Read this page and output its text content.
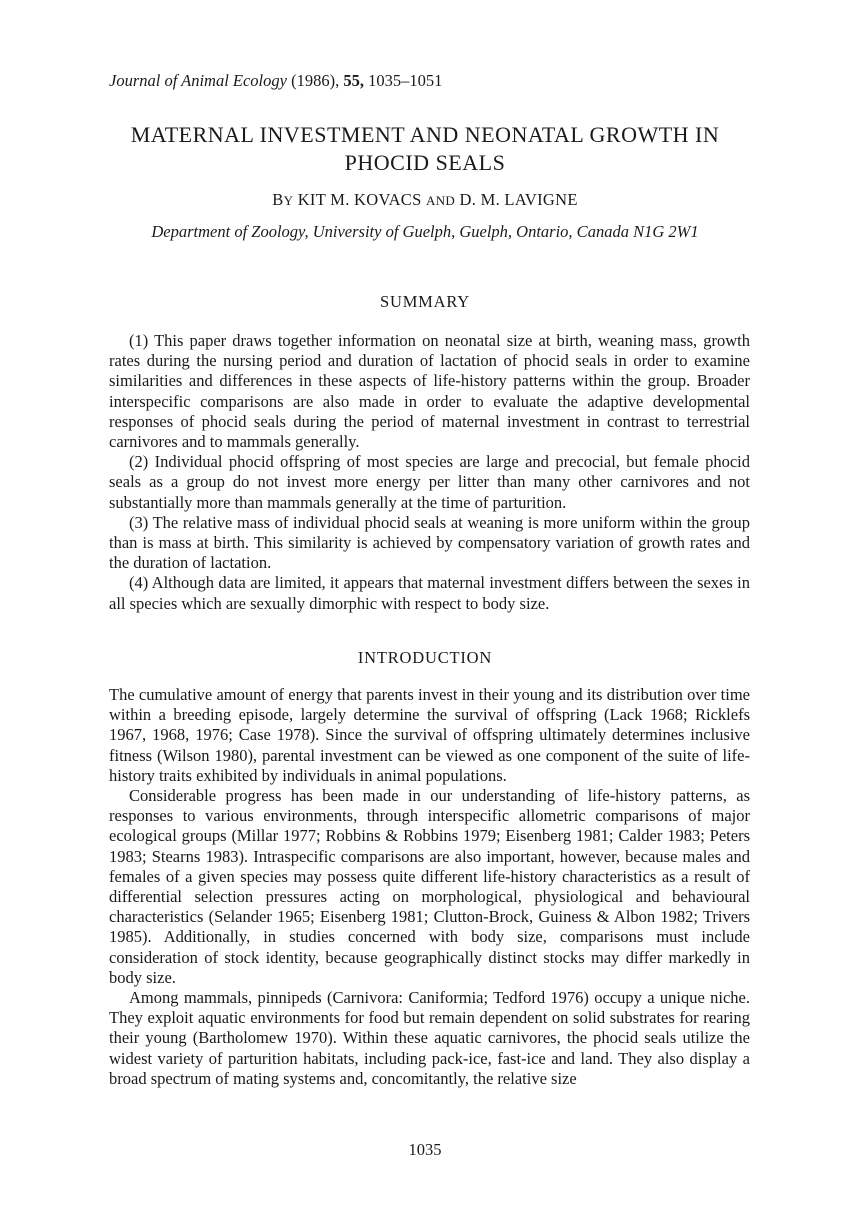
Journal of Animal Ecology (1986), 55, 1035–1051
MATERNAL INVESTMENT AND NEONATAL GROWTH IN
PHOCID SEALS
BY KIT M. KOVACS AND D. M. LAVIGNE
Department of Zoology, University of Guelph, Guelph, Ontario, Canada N1G 2W1
SUMMARY

(1) This paper draws together information on neonatal size at birth, weaning mass, growth rates during the nursing period and duration of lactation of phocid seals in order to examine similarities and differences in these aspects of life-history patterns within the group. Broader interspecific comparisons are also made in order to evaluate the adaptive developmental responses of phocid seals during the period of maternal investment in contrast to terrestrial carnivores and to mammals generally.

(2) Individual phocid offspring of most species are large and precocial, but female phocid seals as a group do not invest more energy per litter than many other carnivores and not substantially more than mammals generally at the time of parturition.

(3) The relative mass of individual phocid seals at weaning is more uniform within the group than is mass at birth. This similarity is achieved by compensatory variation of growth rates and the duration of lactation.

(4) Although data are limited, it appears that maternal investment differs between the sexes in all species which are sexually dimorphic with respect to body size.

INTRODUCTION

The cumulative amount of energy that parents invest in their young and its distribution over time within a breeding episode, largely determine the survival of offspring (Lack 1968; Ricklefs 1967, 1968, 1976; Case 1978). Since the survival of offspring ultimately determines inclusive fitness (Wilson 1980), parental investment can be viewed as one component of the suite of life-history traits exhibited by individuals in animal populations.

Considerable progress has been made in our understanding of life-history patterns, as responses to various environments, through interspecific allometric comparisons of major ecological groups (Millar 1977; Robbins & Robbins 1979; Eisenberg 1981; Calder 1983; Peters 1983; Stearns 1983). Intraspecific comparisons are also important, however, because males and females of a given species may possess quite different life-history characteristics as a result of differential selection pressures acting on morphological, physiological and behavioural characteristics (Selander 1965; Eisenberg 1981; Clutton-Brock, Guiness & Albon 1982; Trivers 1985). Additionally, in studies concerned with body size, comparisons must include consideration of stock identity, because geographically distinct stocks may differ markedly in body size.

Among mammals, pinnipeds (Carnivora: Caniformia; Tedford 1976) occupy a unique niche. They exploit aquatic environments for food but remain dependent on solid substrates for rearing their young (Bartholomew 1970). Within these aquatic carnivores, the phocid seals utilize the widest variety of parturition habitats, including pack-ice, fast-ice and land. They also display a broad spectrum of mating systems and, concomitantly, the relative size

1035
